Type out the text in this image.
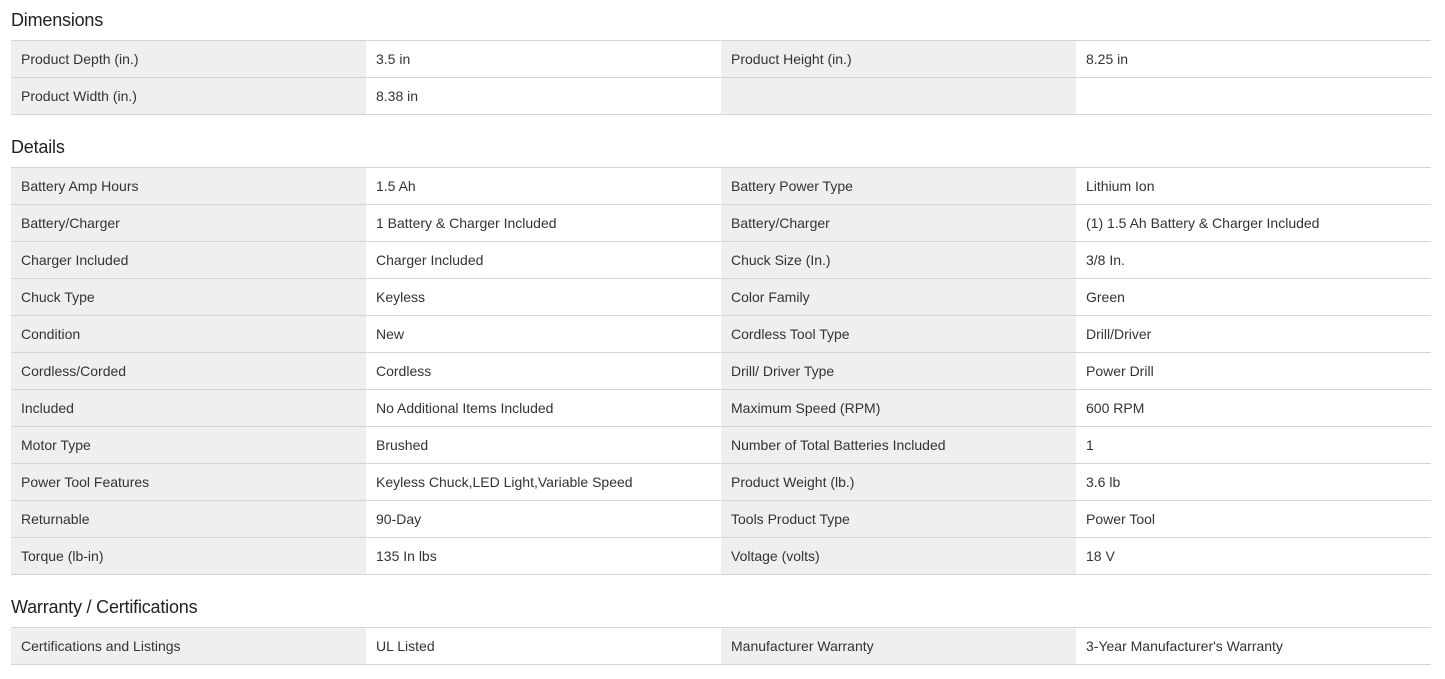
Dimensions
Product Depth (in.)	3.5 in	Product Height (in.)	8.25 in
Product Width (in.)	8.38 in		
Details
Battery Amp Hours	1.5 Ah	Battery Power Type	Lithium Ion
Battery/Charger	1 Battery & Charger Included	Battery/Charger	(1) 1.5 Ah Battery & Charger Included
Charger Included	Charger Included	Chuck Size (In.)	3/8 In.
Chuck Type	Keyless	Color Family	Green
Condition	New	Cordless Tool Type	Drill/Driver
Cordless/Corded	Cordless	Drill/ Driver Type	Power Drill
Included	No Additional Items Included	Maximum Speed (RPM)	600 RPM
Motor Type	Brushed	Number of Total Batteries Included	1
Power Tool Features	Keyless Chuck,LED Light,Variable Speed	Product Weight (lb.)	3.6 lb
Returnable	90-Day	Tools Product Type	Power Tool
Torque (lb-in)	135 In lbs	Voltage (volts)	18 V
Warranty / Certifications
Certifications and Listings	UL Listed	Manufacturer Warranty	3-Year Manufacturer's Warranty
